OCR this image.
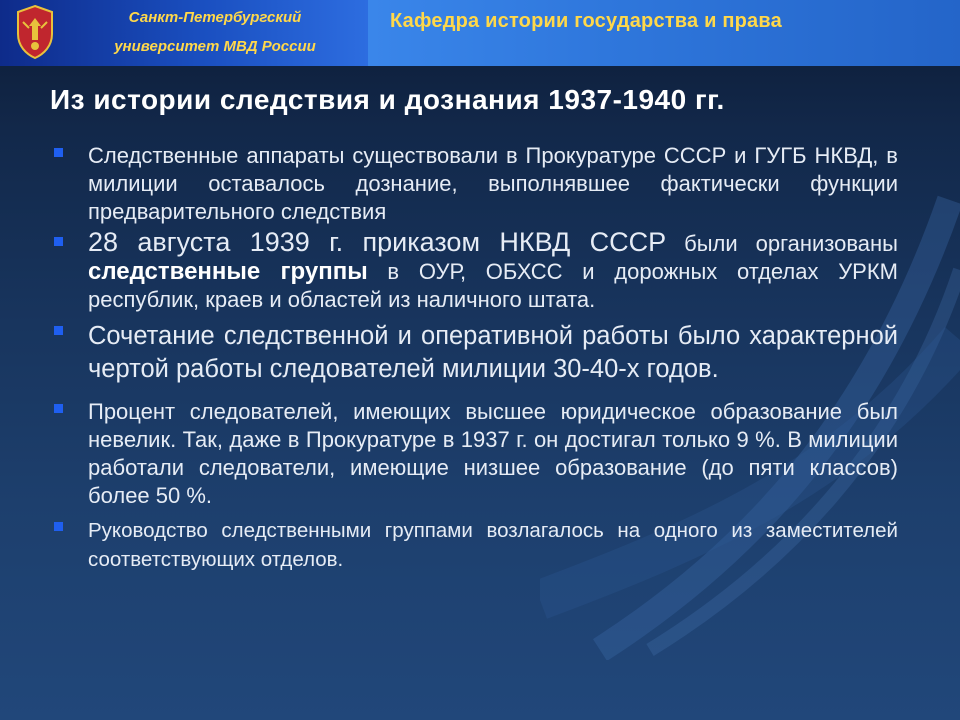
Санкт-Петербургский
университет МВД России
Кафедра истории государства и права
Из истории следствия и дознания 1937-1940 гг.
Следственные аппараты существовали в Прокуратуре СССР и ГУГБ НКВД, в милиции оставалось дознание, выполнявшее фактически функции предварительного следствия
28 августа 1939 г. приказом НКВД СССР были организованы следственные группы в ОУР, ОБХСС и дорожных отделах УРКМ республик, краев и областей из наличного штата.
Сочетание следственной и оперативной работы было характерной чертой работы следователей милиции 30-40-х годов.
Процент следователей, имеющих высшее юридическое образование был невелик. Так, даже в Прокуратуре в 1937 г. он достигал только 9 %. В милиции работали следователи, имеющие низшее образование (до пяти классов) более 50 %.
Руководство следственными группами возлагалось на одного из заместителей соответствующих отделов.
